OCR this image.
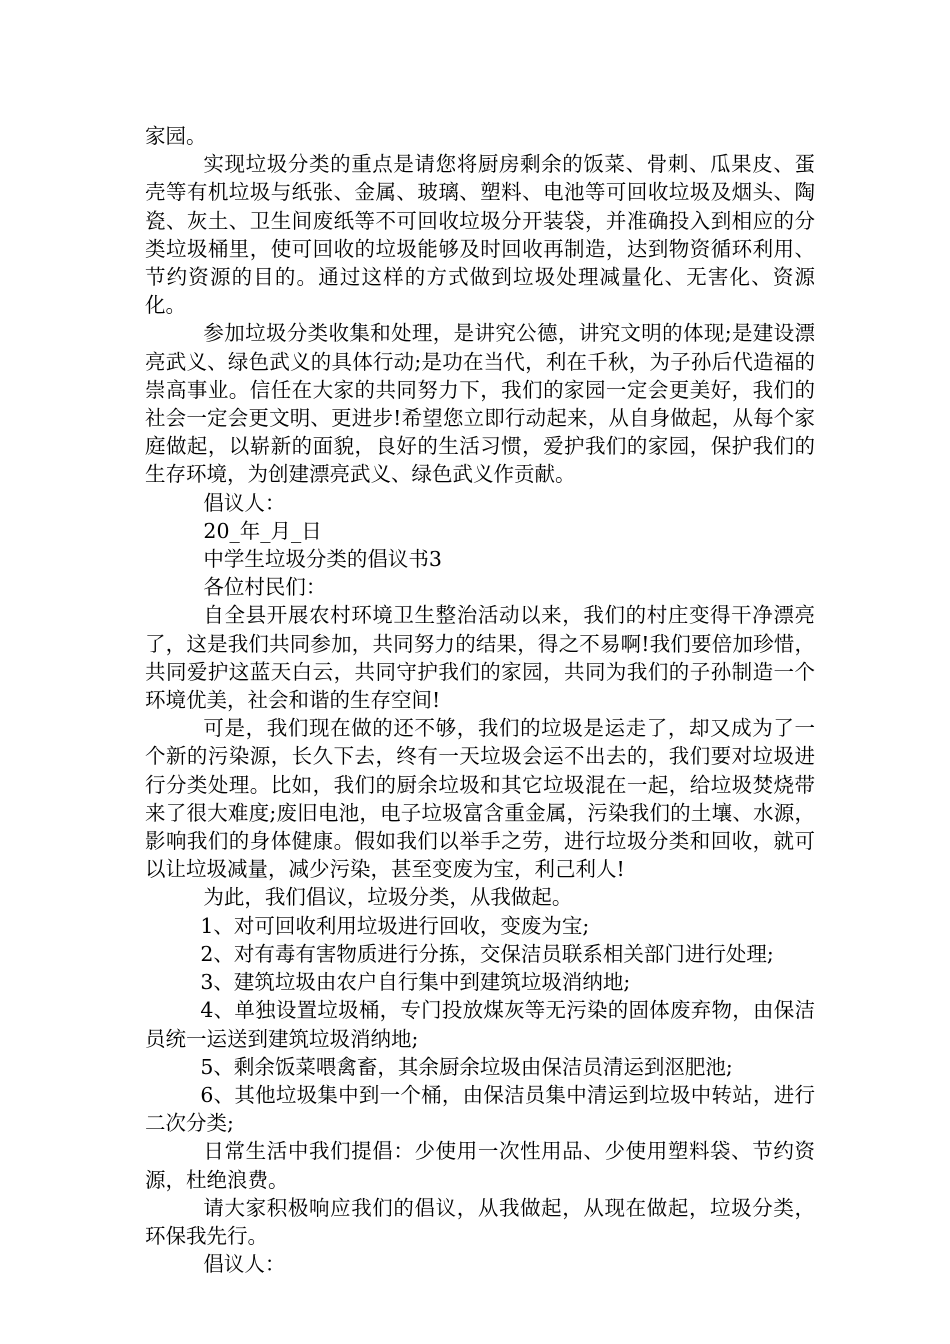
家园。

实现垃圾分类的重点是请您将厨房剩余的饭菜、骨刺、瓜果皮、蛋壳等有机垃圾与纸张、金属、玻璃、塑料、电池等可回收垃圾及烟头、陶瓷、灰土、卫生间废纸等不可回收垃圾分开装袋，并准确投入到相应的分类垃圾桶里，使可回收的垃圾能够及时回收再制造，达到物资循环利用、节约资源的目的。通过这样的方式做到垃圾处理减量化、无害化、资源化。

参加垃圾分类收集和处理，是讲究公德，讲究文明的体现;是建设漂亮武义、绿色武义的具体行动;是功在当代，利在千秋，为子孙后代造福的崇高事业。信任在大家的共同努力下，我们的家园一定会更美好，我们的社会一定会更文明、更进步!希望您立即行动起来，从自身做起，从每个家庭做起，以崭新的面貌，良好的生活习惯，爱护我们的家园，保护我们的生存环境，为创建漂亮武义、绿色武义作贡献。

倡议人：

20_年_月_日

中学生垃圾分类的倡议书3

各位村民们：

自全县开展农村环境卫生整治活动以来，我们的村庄变得干净漂亮了，这是我们共同参加，共同努力的结果，得之不易啊!我们要倍加珍惜，共同爱护这蓝天白云，共同守护我们的家园，共同为我们的子孙制造一个环境优美，社会和谐的生存空间!

可是，我们现在做的还不够，我们的垃圾是运走了，却又成为了一个新的污染源，长久下去，终有一天垃圾会运不出去的，我们要对垃圾进行分类处理。比如，我们的厨余垃圾和其它垃圾混在一起，给垃圾焚烧带来了很大难度;废旧电池，电子垃圾富含重金属，污染我们的土壤、水源，影响我们的身体健康。假如我们以举手之劳，进行垃圾分类和回收，就可以让垃圾减量，减少污染，甚至变废为宝，利己利人!

为此，我们倡议，垃圾分类，从我做起。

1、对可回收利用垃圾进行回收，变废为宝;

2、对有毒有害物质进行分拣，交保洁员联系相关部门进行处理;

3、建筑垃圾由农户自行集中到建筑垃圾消纳地;

4、单独设置垃圾桶，专门投放煤灰等无污染的固体废弃物，由保洁员统一运送到建筑垃圾消纳地;

5、剩余饭菜喂禽畜，其余厨余垃圾由保洁员清运到沤肥池;

6、其他垃圾集中到一个桶，由保洁员集中清运到垃圾中转站，进行二次分类;

日常生活中我们提倡：少使用一次性用品、少使用塑料袋、节约资源，杜绝浪费。

请大家积极响应我们的倡议，从我做起，从现在做起，垃圾分类，环保我先行。

倡议人：
